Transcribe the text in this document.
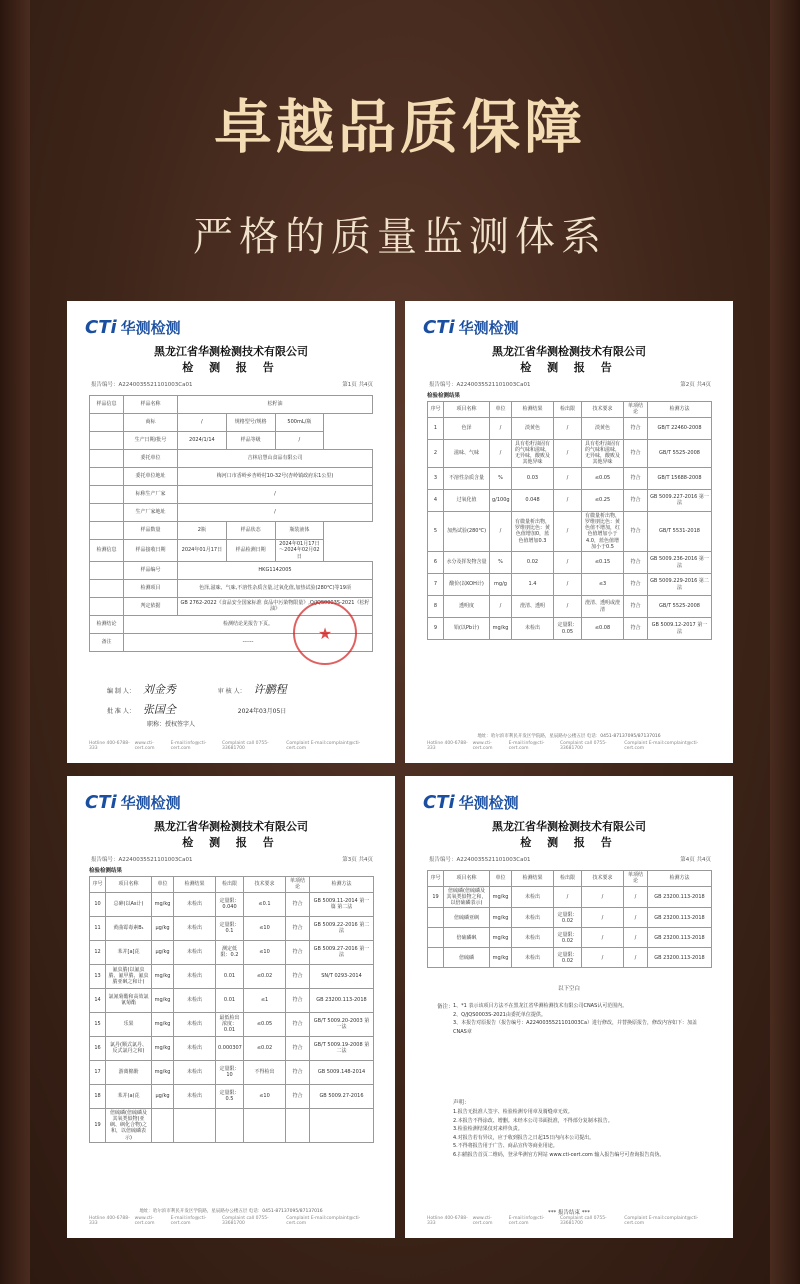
卓越品质保障
严格的质量监测体系
CTi 华测检测
黑龙江省华测检测技术有限公司
检 测 报 告
报告编号：A2240035521101003Ca01	第1页 共4页
样品信息	样品名称	松籽油		
	商标	/	规格型号/规格	500mL/瓶
	生产日期/批号	2024/1/14	样品等级	/
	委托单位	吉林启慧山食品有限公司		
	委托单位地址	梅河口市香岭乡杏岭村10-32号(杏岭镇政府东1公里)		
	标称生产厂家	/		
	生产厂家地址	/		
	样品数量	2瓶	样品状态	瓶装液体
检测信息	样品接收日期	2024年01月17日	样品检测日期	2024年01月17日～2024年02月02日
	样品编号	HKG1142005		
	检测项目	色泽,滋味、气味,不溶性杂质含量,过氧化值,加热试验(280℃)等19项		
	判定依据	GB 2762-2022《食品安全国家标准 食品中污染物限量》,Q/JQS0003S-2021《松籽油》		
检测结论	检测结论见报告下页。			
备注	------				★
编 制 人： 刘金秀	审 核 人： 许鹏程
批 准 人： 张国全	2024年03月05日
职称：授权签字人
Hotline 400-6788-333
www.cti-cert.com
E-mail:info@cti-cert.com
Complaint call 0755-33681700
Complaint E-mail:complaint@cti-cert.com
CTi 华测检测
黑龙江省华测检测技术有限公司
检 测 报 告
报告编号：A2240035521101003Ca01	第2页 共4页
检验检测结果
序号	项目名称	单位	检测结果	检出限	技术要求	单项结论	检测方法
1	色泽	/	淡黄色	/	淡黄色	符合	GB/T 22460-2008
2	滋味、气味	/	具有松籽油固有的气味和滋味，无异味，酸败及其他异味	/	具有松籽油固有的气味和滋味，无异味，酸败及其他异味	符合	GB/T 5525-2008
3	不溶性杂质含量	%	0.03	/	≤0.05	符合	GB/T 15688-2008
4	过氧化值	g/100g	0.048	/	≤0.25	符合	GB 5009.227-2016 第一法
5	加热试验(280℃)	/	有微量析出物，罗维朋比色：黄色值增加0，蓝色值增加0.3	/	有微量析出物，罗维朋比色：黄色值不增加，红色值增加小于4.0，蓝色值增加小于0.5	符合	GB/T 5531-2018
6	水分及挥发物含量	%	0.02	/	≤0.15	符合	GB 5009.236-2016 第一法
7	酸价(以KOH计)	mg/g	1.4	/	≤3	符合	GB 5009.229-2016 第二法
8	透明度	/	澄清、透明	/	澄清、透明或澄清	符合	GB/T 5525-2008
9	铅(以Pb计)	mg/kg	未检出	定量限：0.05	≤0.08	符合	GB 5009.12-2017 第一法
地址：哈尔滨市利民开发区学院路，星辰路办公楼五层 电话：0451-87137095/87137016
Hotline 400-6788-333
www.cti-cert.com
E-mail:info@cti-cert.com
Complaint call 0755-33681700
Complaint E-mail:complaint@cti-cert.com
CTi 华测检测
黑龙江省华测检测技术有限公司
检 测 报 告
报告编号：A2240035521101003Ca01	第3页 共4页
检验检测结果
序号	项目名称	单位	检测结果	检出限	技术要求	单项结论	检测方法
10	总砷(以As计)	mg/kg	未检出	定量限：0.040	≤0.1	符合	GB 5009.11-2014 第一篇 第二法
11	黄曲霉毒素B₁	μg/kg	未检出	定量限：0.1	≤10	符合	GB 5009.22-2016 第二法
12	苯并[a]芘	μg/kg	未检出	测定低限：0.2	≤10	符合	GB 5009.27-2016 第一法
13	氟虫腈(以氟虫腈、氟甲腈、氟虫腈亚砜之和计)	mg/kg	未检出	0.01	≤0.02	符合	SN/T 0293-2014
14	氯氰菊酯和高效氯氰菊酯	mg/kg	未检出	0.01	≤1	符合	GB 23200.113-2018
15	乐果	mg/kg	未检出	最低检出浓度：0.01	≤0.05	符合	GB/T 5009.20-2003 第一法
16	氯丹(顺式氯丹、反式氯丹之和)	mg/kg	未检出	0.000307	≤0.02	符合	GB/T 5009.19-2008 第二法
17	游离棉酚	mg/kg	未检出	定量限：10	不得检出	符合	GB 5009.148-2014
18	苯并(a)芘	μg/kg	未检出	定量限：0.5	≤10	符合	GB 5009.27-2016
19	倍硫磷(倍硫磷及其氧类似物(亚砜、砜化合物)之和，以倍硫磷表示)						
地址：哈尔滨市利民开发区学院路，星辰路办公楼五层 电话：0451-87137095/87137016
Hotline 400-6788-333
www.cti-cert.com
E-mail:info@cti-cert.com
Complaint call 0755-33681700
Complaint E-mail:complaint@cti-cert.com
CTi 华测检测
黑龙江省华测检测技术有限公司
检 测 报 告
报告编号：A2240035521101003Ca01	第4页 共4页
序号	项目名称	单位	检测结果	检出限	技术要求	单项结论	检测方法
19	倍硫磷(倍硫磷及其氧类似物之和，以倍硫磷表示)	mg/kg	未检出	/	/	/	GB 23200.113-2018
	倍硫磷亚砜	mg/kg	未检出	定量限：0.02	/	/	GB 23200.113-2018
	倍硫磷砜	mg/kg	未检出	定量限：0.02	/	/	GB 23200.113-2018
	倍硫磷	mg/kg	未检出	定量限：0.02	/	/	GB 23200.113-2018
以下空白
备注： 1、*1 表示该项目方法不在黑龙江省华测检测技术有限公司CNAS认可范围内。
2、Q/JQS0003S-2021由委托单位提供。
3、本报告对原报告（报告编号：A2240035521101003Ca）进行修改，并替换原报告，修改内容如下：加盖CNAS章
声明：
1.报告无批准人签字、检验检测专用章及骑缝章无效。
2.本报告不得涂改、增删。未经本公司书面批准，不得部分复制本报告。
3.检验检测结果仅对来样负责。
4.对报告若有异议，应于收到报告之日起15日内向本公司提出。
5.不得将报告用于广告、商品宣传等商业用途。
6.扫描报告首页二维码，登录华测官方网站 www.cti-cert.com 输入报告编号可查询报告真伪。
*** 报告结束 ***
Hotline 400-6788-333
www.cti-cert.com
E-mail:info@cti-cert.com
Complaint call 0755-33681700
Complaint E-mail:complaint@cti-cert.com
